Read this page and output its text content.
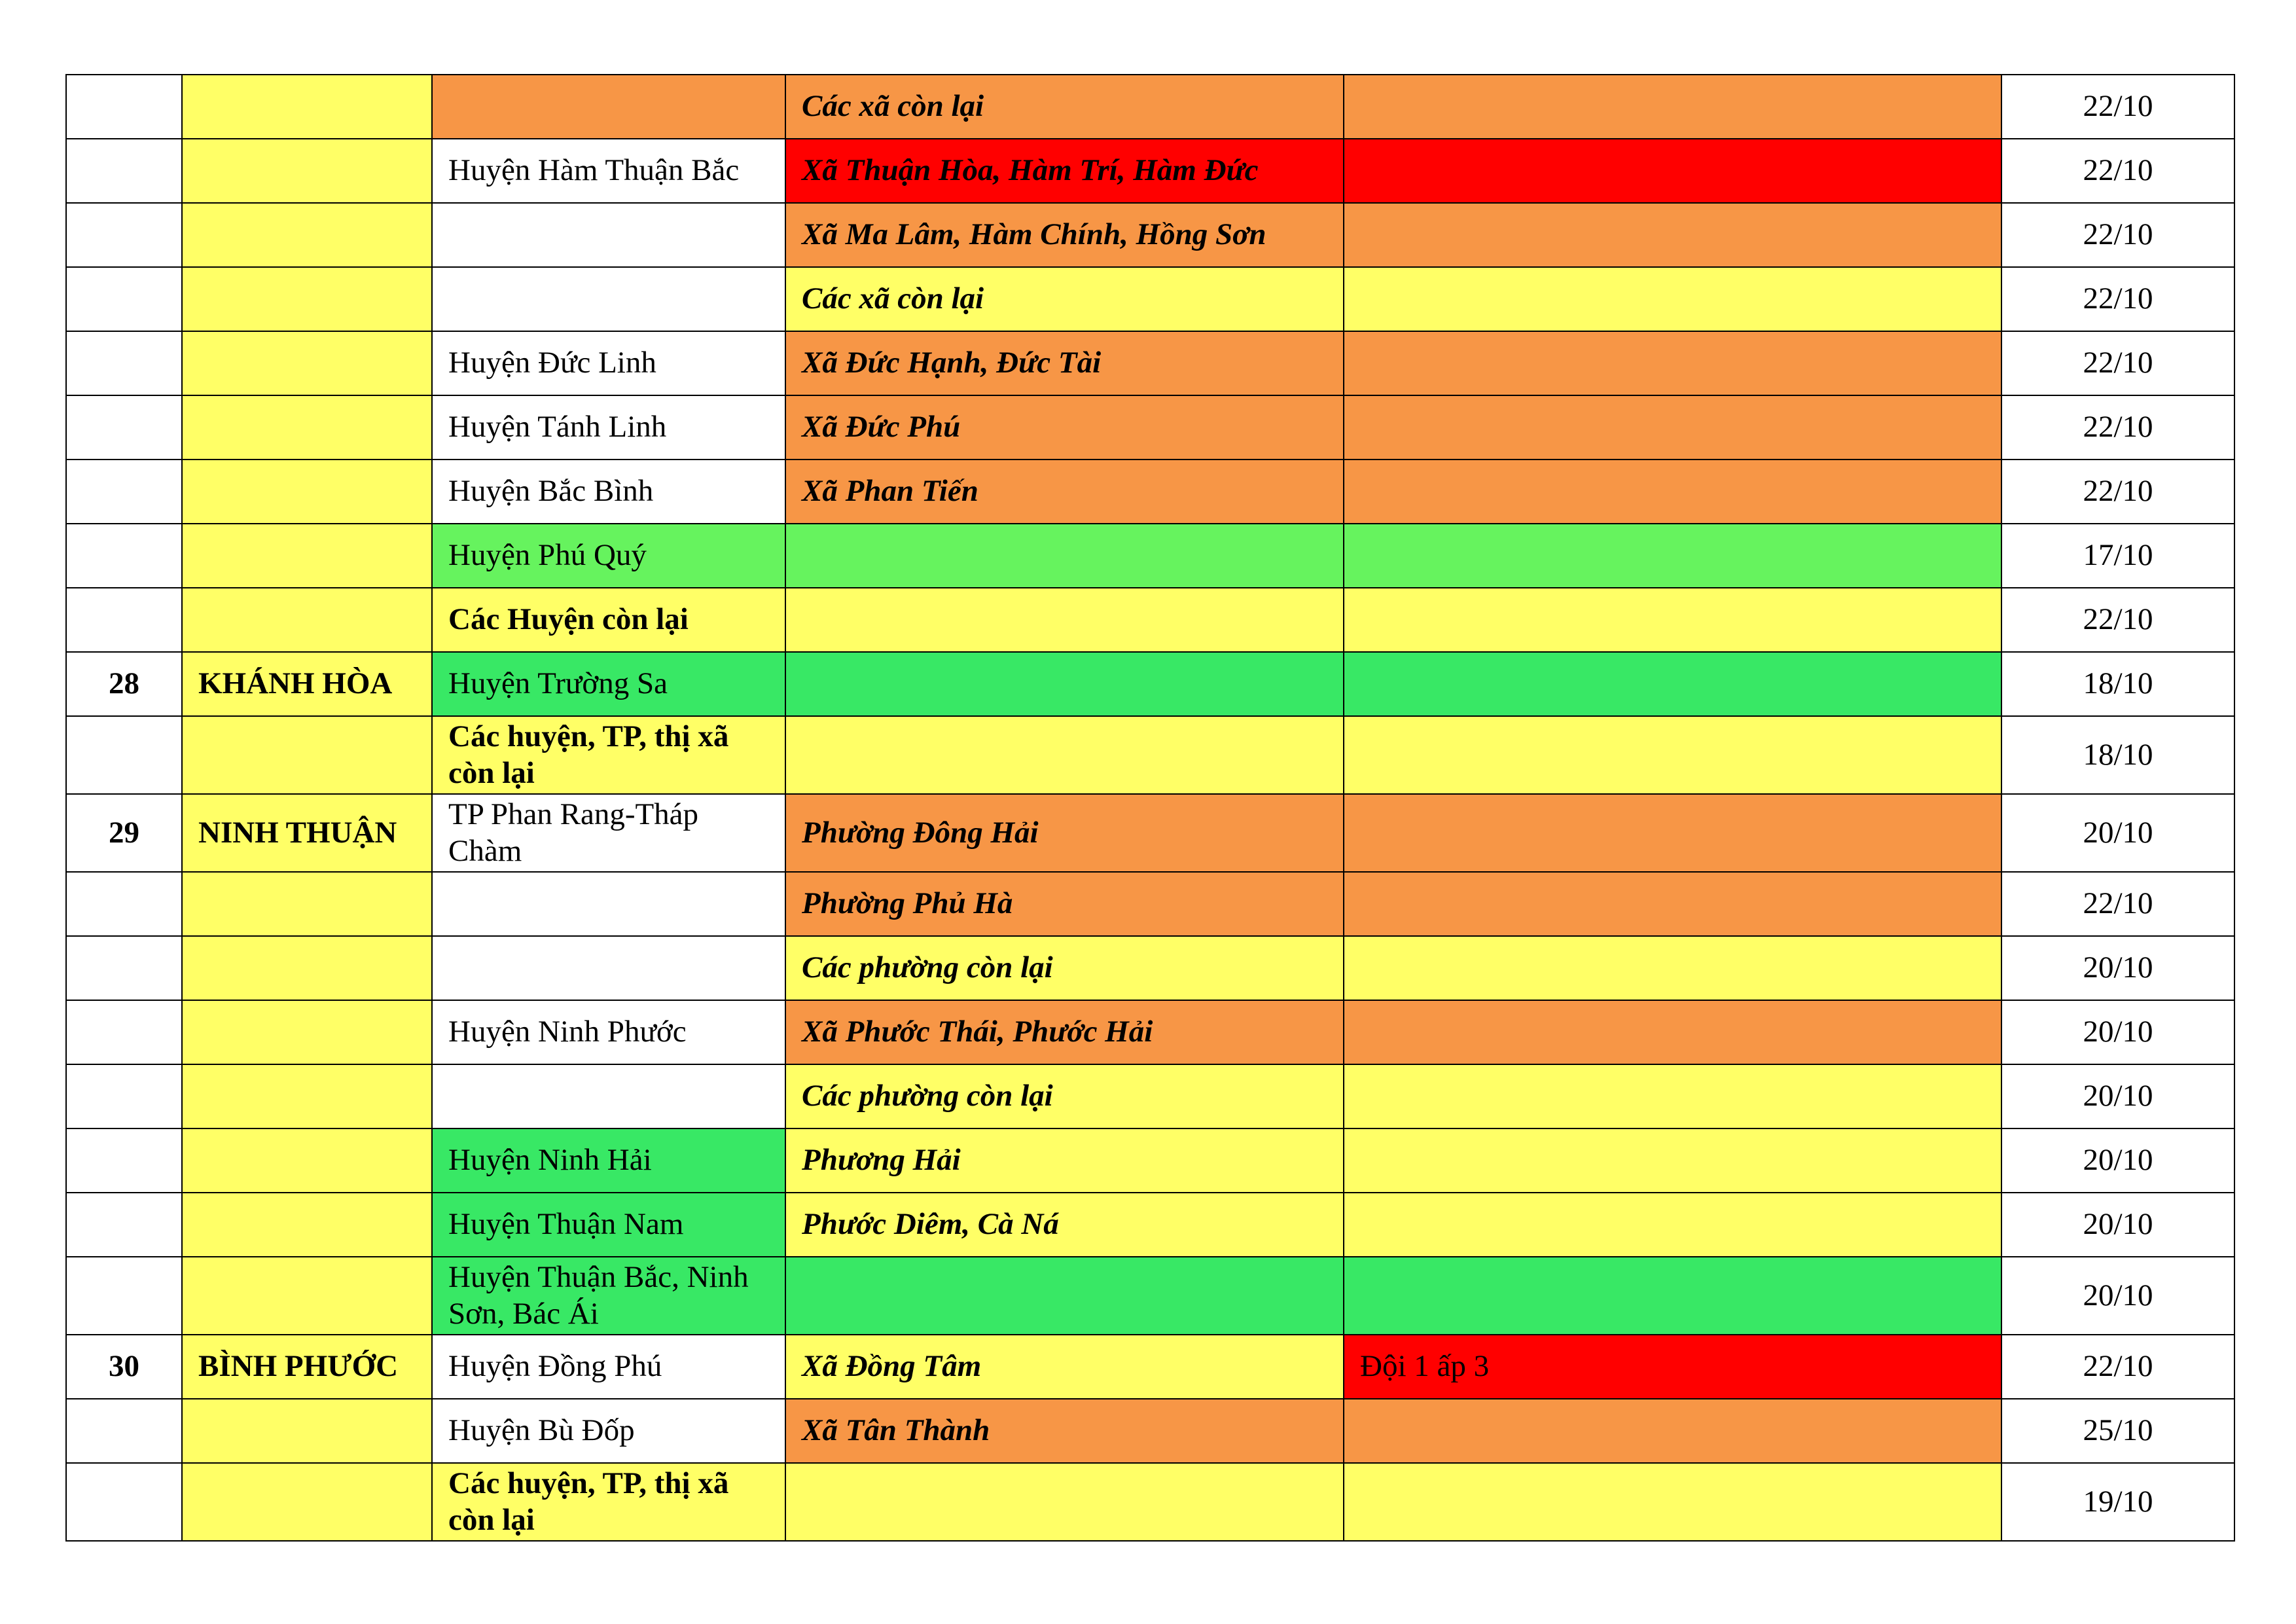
			Các xã còn lại		22/10
		Huyện Hàm Thuận Bắc	Xã Thuận Hòa, Hàm Trí, Hàm Đức		22/10
			Xã Ma Lâm, Hàm Chính, Hồng Sơn		22/10
			Các xã còn lại		22/10
		Huyện Đức Linh	Xã Đức Hạnh, Đức Tài		22/10
		Huyện Tánh Linh	Xã Đức Phú		22/10
		Huyện Bắc Bình	Xã Phan Tiến		22/10
		Huyện Phú Quý			17/10
		Các Huyện còn lại			22/10
28	KHÁNH HÒA	Huyện Trường Sa			18/10
		Các huyện, TP, thị xã còn lại			18/10
29	NINH THUẬN	TP Phan Rang-Tháp Chàm	Phường Đông Hải		20/10
			Phường Phủ Hà		22/10
			Các phường còn lại		20/10
		Huyện Ninh Phước	Xã Phước Thái, Phước Hải		20/10
			Các phường còn lại		20/10
		Huyện Ninh Hải	Phương Hải		20/10
		Huyện Thuận Nam	Phước Diêm, Cà Ná		20/10
		Huyện Thuận Bắc, Ninh Sơn, Bác Ái			20/10
30	BÌNH PHƯỚC	Huyện Đồng Phú	Xã Đồng Tâm	Đội 1 ấp 3	22/10
		Huyện Bù Đốp	Xã Tân Thành		25/10
		Các huyện, TP, thị xã còn lại			19/10
